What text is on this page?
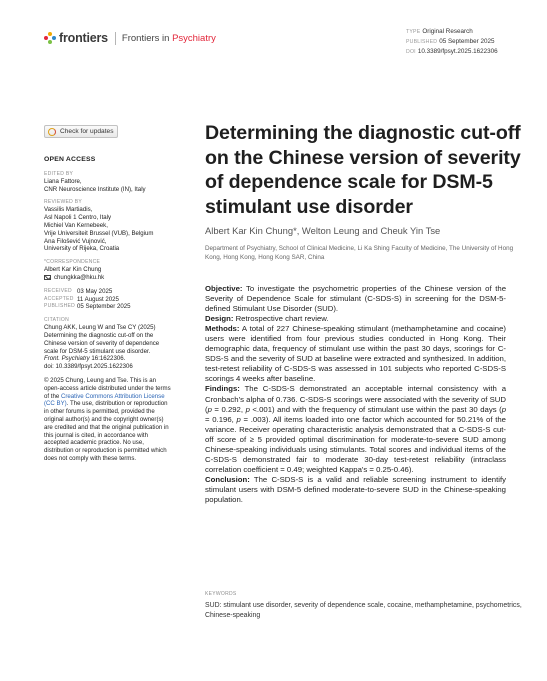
frontiers Frontiers in Psychiatry
TYPE Original Research
PUBLISHED 05 September 2025
DOI 10.3389/fpsyt.2025.1622306
Check for updates
OPEN ACCESS
EDITED BY
Liana Fattore,
CNR Neuroscience Institute (IN), Italy
REVIEWED BY
Vassilis Martiadis,
Asl Napoli 1 Centro, Italy
Michiel Van Kernebeek,
Vrije Universiteit Brussel (VUB), Belgium
Ana Filošević Vujnović,
University of Rijeka, Croatia
*CORRESPONDENCE
Albert Kar Kin Chung
chungkka@hku.hk
RECEIVED 03 May 2025
ACCEPTED 11 August 2025
PUBLISHED 05 September 2025
CITATION
Chung AKK, Leung W and Tse CY (2025)
Determining the diagnostic cut-off on the
Chinese version of severity of dependence
scale for DSM-5 stimulant use disorder.
Front. Psychiatry 16:1622306.
doi: 10.3389/fpsyt.2025.1622306
© 2025 Chung, Leung and Tse. This is an open-access article distributed under the terms of the Creative Commons Attribution License (CC BY). The use, distribution or reproduction in other forums is permitted, provided the original author(s) and the copyright owner(s) are credited and that the original publication in this journal is cited, in accordance with accepted academic practice. No use, distribution or reproduction is permitted which does not comply with these terms.
Determining the diagnostic cut-off on the Chinese version of severity of dependence scale for DSM-5 stimulant use disorder
Albert Kar Kin Chung*, Welton Leung and Cheuk Yin Tse
Department of Psychiatry, School of Clinical Medicine, Li Ka Shing Faculty of Medicine, The University of Hong Kong, Hong Kong, Hong Kong SAR, China

Objective: To investigate the psychometric properties of the Chinese version of the Severity of Dependence Scale for stimulant (C-SDS-S) in screening for the DSM-5-defined Stimulant Use Disorder (SUD).

Design: Retrospective chart review.

Methods: A total of 227 Chinese-speaking stimulant (methamphetamine and cocaine) users were identified from four previous studies conducted in Hong Kong. Their demographic data, frequency of stimulant use within the past 30 days, scorings for C-SDS-S and the severity of SUD at baseline were extracted and synthesized. In addition, test-retest reliability of C-SDS-S was assessed in 101 subjects who reported C-SDS-S scorings 4 weeks after baseline.

Findings: The C-SDS-S demonstrated an acceptable internal consistency with a Cronbach's alpha of 0.736. C-SDS-S scorings were associated with the severity of SUD (p = 0.292, p <.001) and with the frequency of stimulant use within the past 30 days (p = 0.196, p = .003). All items loaded into one factor which accounted for 50.21% of the variance. Receiver operating characteristic analysis demonstrated that a C-SDS-S cut-off score of ≥ 5 provided optimal discrimination for moderate-to-severe SUD among Chinese-speaking individuals using stimulants. Total scores and individual items of the C-SDS-S demonstrated fair to moderate 30-day test-retest reliability (intraclass correlation coefficient = 0.49; weighted Kappa's = 0.25-0.46).

Conclusion: The C-SDS-S is a valid and reliable screening instrument to identify stimulant users with DSM-5 defined moderate-to-severe SUD in the Chinese-speaking population.

KEYWORDS
SUD: stimulant use disorder, severity of dependence scale, cocaine, methamphetamine, psychometrics, Chinese-speaking
